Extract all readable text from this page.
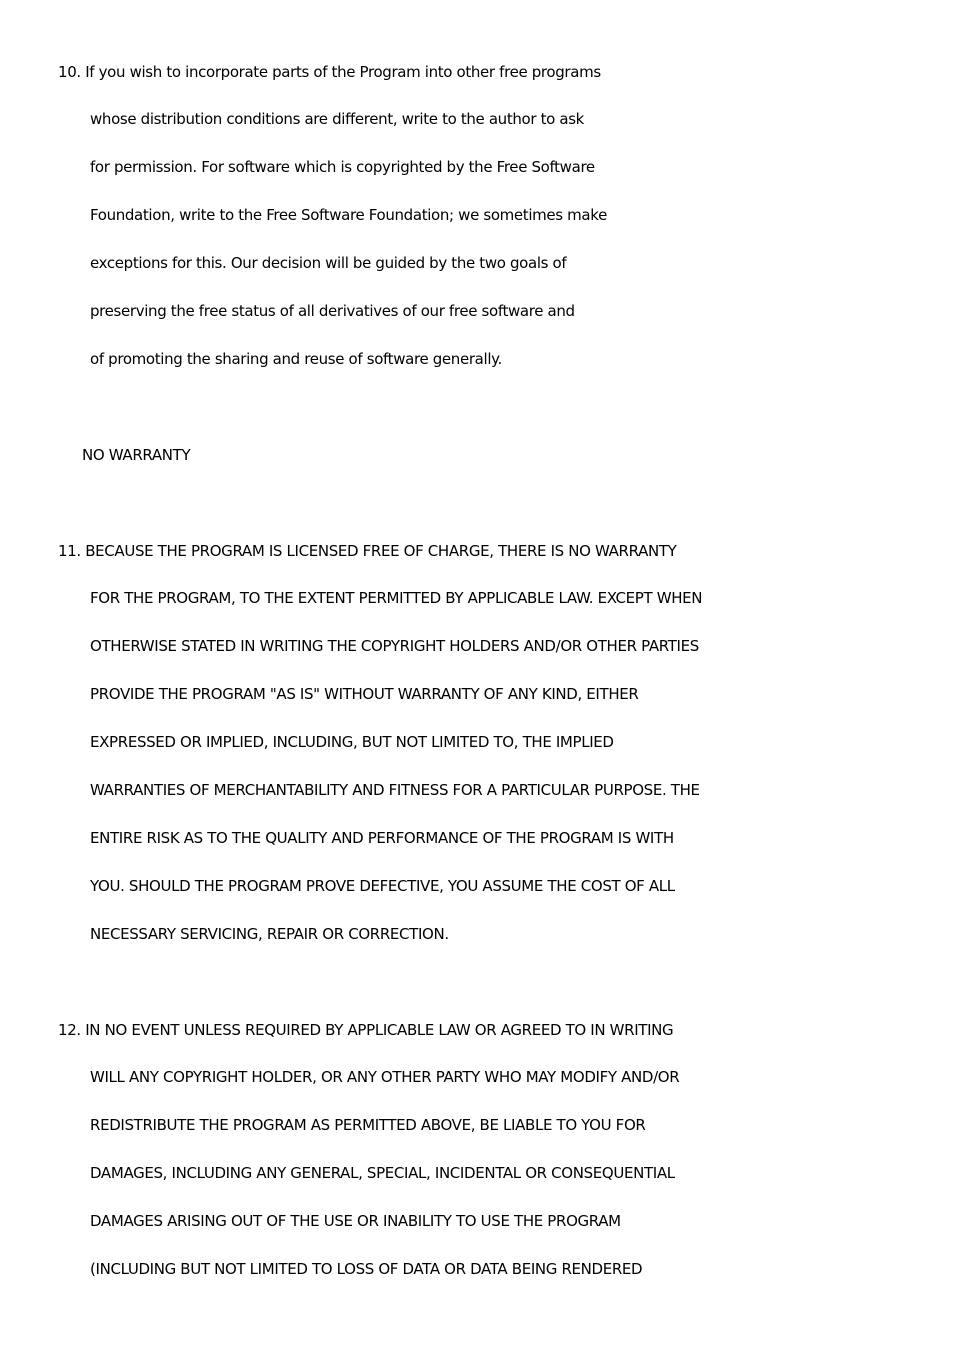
10. If you wish to incorporate parts of the Program into other free programs
whose distribution conditions are different, write to the author to ask
for permission. For software which is copyrighted by the Free Software
Foundation, write to the Free Software Foundation; we sometimes make
exceptions for this. Our decision will be guided by the two goals of
preserving the free status of all derivatives of our free software and
of promoting the sharing and reuse of software generally.
NO WARRANTY
11. BECAUSE THE PROGRAM IS LICENSED FREE OF CHARGE, THERE IS NO WARRANTY
FOR THE PROGRAM, TO THE EXTENT PERMITTED BY APPLICABLE LAW. EXCEPT WHEN
OTHERWISE STATED IN WRITING THE COPYRIGHT HOLDERS AND/OR OTHER PARTIES
PROVIDE THE PROGRAM "AS IS" WITHOUT WARRANTY OF ANY KIND, EITHER
EXPRESSED OR IMPLIED, INCLUDING, BUT NOT LIMITED TO, THE IMPLIED
WARRANTIES OF MERCHANTABILITY AND FITNESS FOR A PARTICULAR PURPOSE. THE
ENTIRE RISK AS TO THE QUALITY AND PERFORMANCE OF THE PROGRAM IS WITH
YOU. SHOULD THE PROGRAM PROVE DEFECTIVE, YOU ASSUME THE COST OF ALL
NECESSARY SERVICING, REPAIR OR CORRECTION.
12. IN NO EVENT UNLESS REQUIRED BY APPLICABLE LAW OR AGREED TO IN WRITING
WILL ANY COPYRIGHT HOLDER, OR ANY OTHER PARTY WHO MAY MODIFY AND/OR
REDISTRIBUTE THE PROGRAM AS PERMITTED ABOVE, BE LIABLE TO YOU FOR
DAMAGES, INCLUDING ANY GENERAL, SPECIAL, INCIDENTAL OR CONSEQUENTIAL
DAMAGES ARISING OUT OF THE USE OR INABILITY TO USE THE PROGRAM
(INCLUDING BUT NOT LIMITED TO LOSS OF DATA OR DATA BEING RENDERED
